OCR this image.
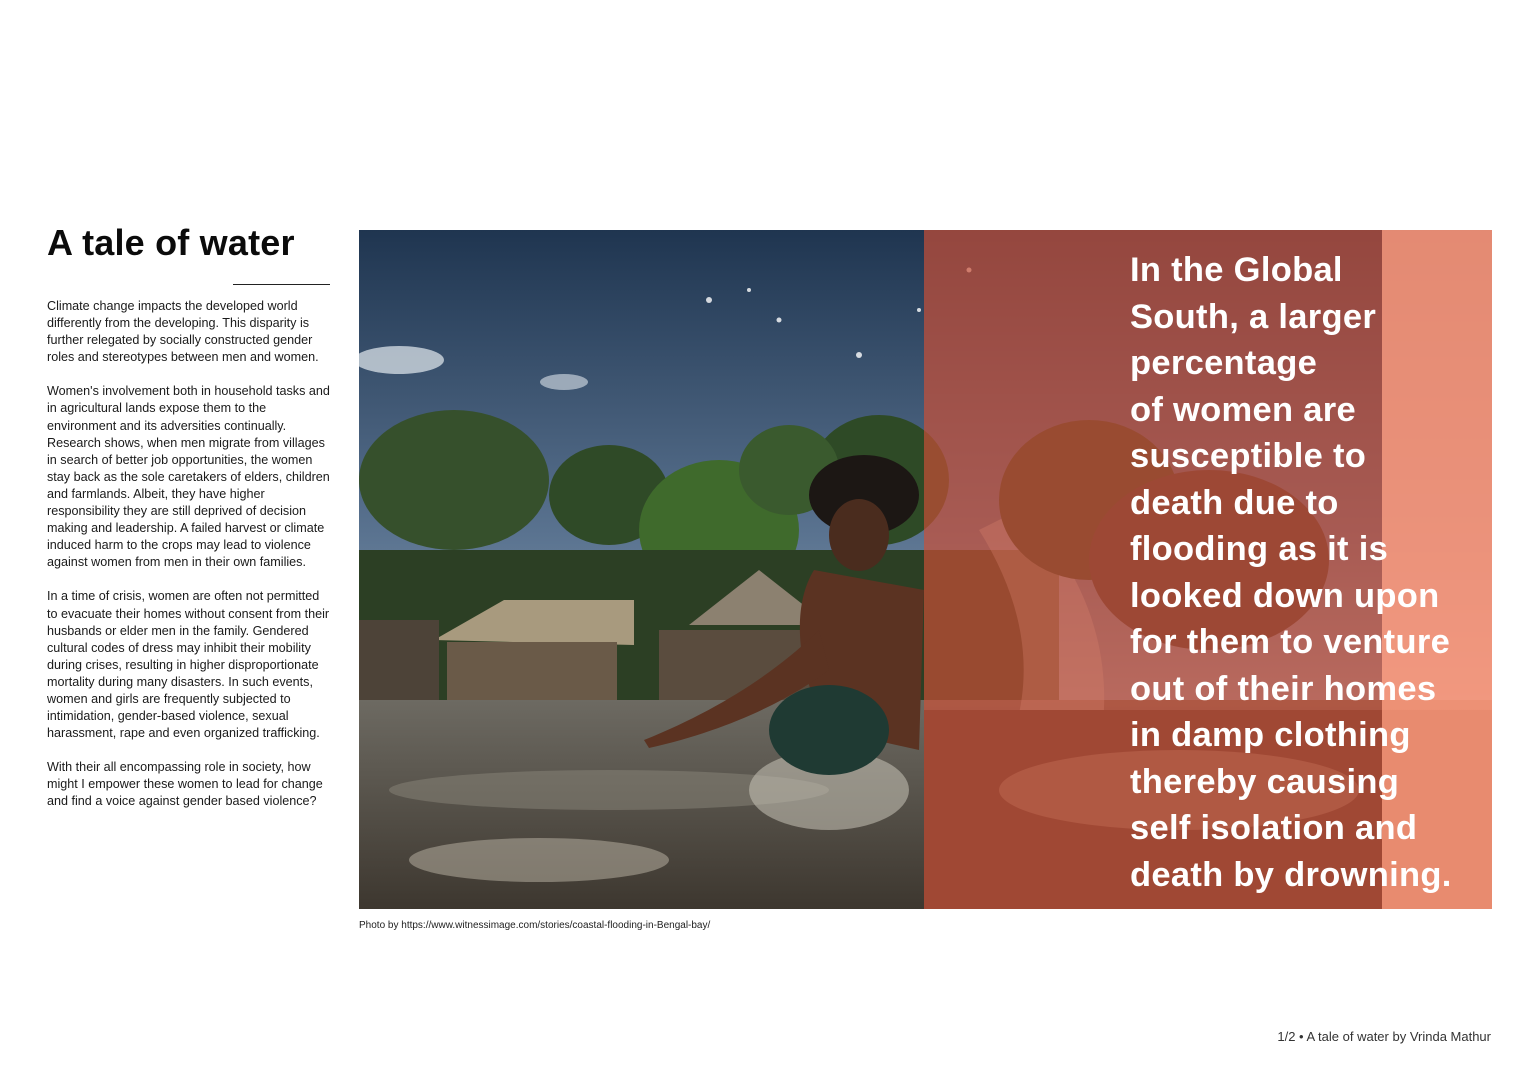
A tale of water

Climate change impacts the developed world differently from the developing. This disparity is further relegated by socially constructed gender roles and stereotypes between men and women.

Women's involvement both in household tasks and in agricultural lands expose them to the environment and its adversities continually. Research shows, when men migrate from villages in search of better job opportunities, the women stay back as the sole caretakers of elders, children and farmlands. Albeit, they have higher responsibility they are still deprived of decision making and leadership. A failed harvest or climate induced harm to the crops may lead to violence against women from men in their own families.

In a time of crisis, women are often not permitted to evacuate their homes without consent from their husbands or elder men in the family. Gendered cultural codes of dress may inhibit their mobility during crises, resulting in higher disproportionate mortality during many disasters. In such events, women and girls are frequently subjected to intimidation, gender-based violence, sexual harassment, rape and even organized trafficking.

With their all encompassing role in society, how might I empower these women to lead for change and find a voice against gender based violence?

In the Global
South, a larger
percentage
of women are
susceptible to
death due to
flooding as it is
looked down upon
for them to venture
out of their homes
in damp clothing
thereby causing
self isolation and
death by drowning.
Photo by https://www.witnessimage.com/stories/coastal-flooding-in-Bengal-bay/
1/2 • A tale of water by Vrinda Mathur
